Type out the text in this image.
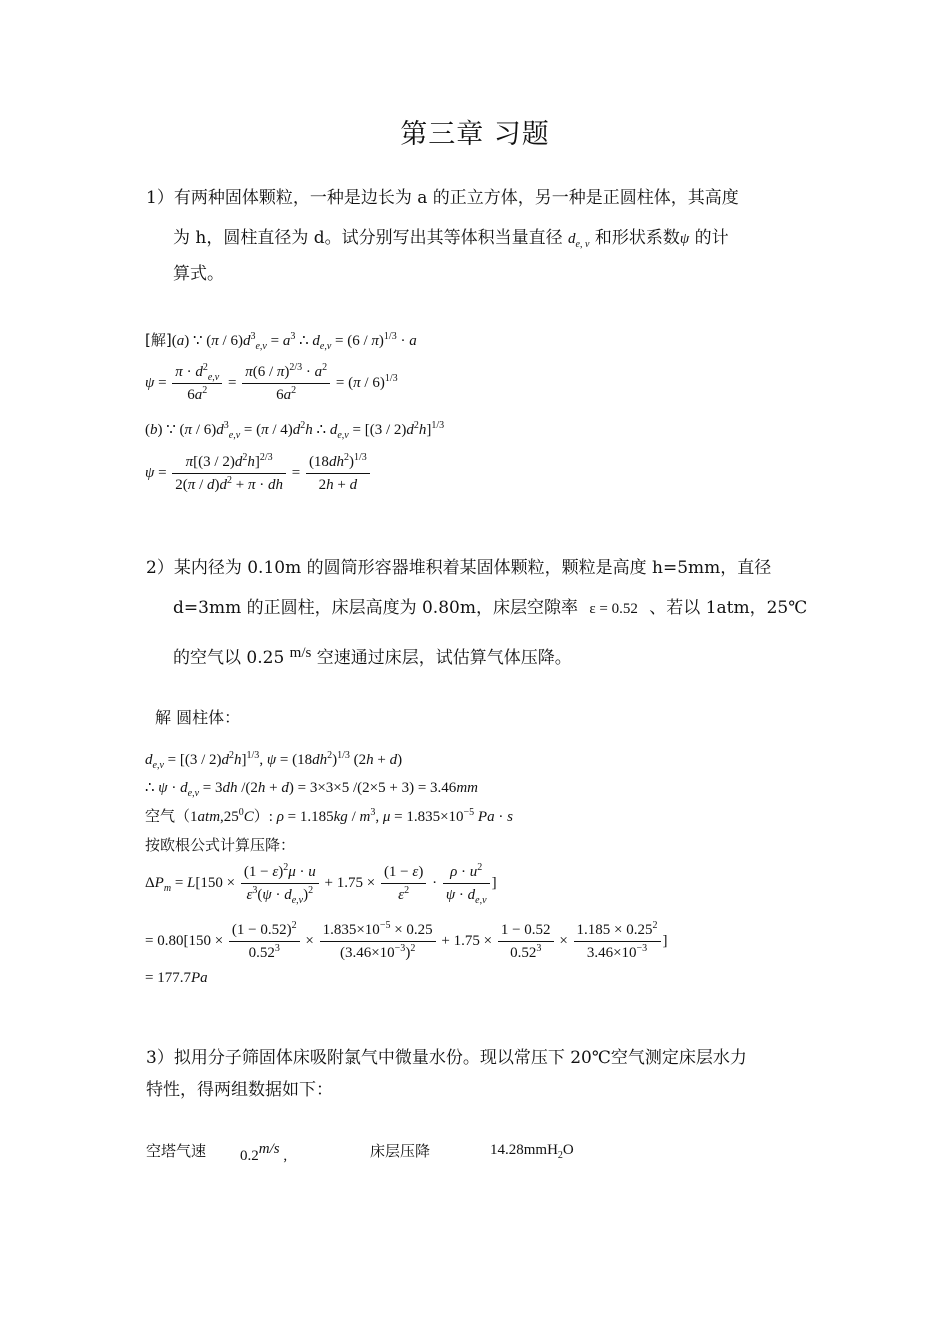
第三章 习题
1）有两种固体颗粒，一种是边长为 a 的正立方体，另一种是正圆柱体，其高度
为 h，圆柱直径为 d。试分别写出其等体积当量直径 $d_{e, v}$ 和形状系数ψ 的计
算式。
[解](a) ∵ $(\pi / 6)d^3_{e,v} = a^3$ ∴ $d_{e,v} = (6 / \pi)^{1/3} \cdot a$
$\psi = \frac{\pi \cdot d^2_{e,v}}{6a^2} = \frac{\pi(6 / \pi)^{2/3} \cdot a^2}{6a^2} = (\pi / 6)^{1/3}$
(b) ∵ $(\pi / 6)d^3_{e,v} = (\pi / 4)d^2h$ ∴ $d_{e,v} = [(3 / 2)d^2h]^{1/3}$
$\psi = \frac{\pi[(3 / 2)d^2h]^{2/3}}{2(\pi / d)d^2 + \pi \cdot dh} = \frac{(18dh^2)^{1/3}}{2h + d}$
2）某内径为 0.10m 的圆筒形容器堆积着某固体颗粒，颗粒是高度 h=5mm，直径
d=3mm 的正圆柱，床层高度为 0.80m，床层空隙率 ε = 0.52 、若以 1atm，25℃
的空气以 0.25 m/s 空速通过床层，试估算气体压降。
解 圆柱体：
$d_{e,v} = [(3 / 2)d^2h]^{1/3}$, $\psi = (18dh^2)^{1/3}$ (2h + d)
∴ $\psi \cdot d_{e,v} = 3dh$ /(2h + d) = 3×3×5 /(2×5 + 3) = 3.46mm
空气$(1atm,25^0C)$: $\rho = 1.185kg / m^3$, $\mu = 1.835\times 10^{-5}$ Pa · s
按欧根公式计算压降：
$\Delta P_m = L[150 \times \frac{(1 - \varepsilon)^2\mu \cdot u}{\varepsilon^3(\psi \cdot d_{e,v})^2} + 1.75 \times \frac{(1 - \varepsilon)}{\varepsilon^2} \cdot \frac{\rho \cdot u^2}{\psi \cdot d_{e,v}}$ ]
= $0.80[150 \times \frac{(1 - 0.52)^2}{0.52^3} \times \frac{1.835\times 10^{-5} \times 0.25}{(3.46\times 10^{-3})^2} + 1.75 \times \frac{1 - 0.52}{0.52^3} \times \frac{1.185 \times 0.25^2}{3.46\times 10^{-3}}$ ]
= 177.7Pa
3）拟用分子筛固体床吸附氯气中微量水份。现以常压下 20℃空气测定床层水力
特性，得两组数据如下：
空塔气速 0.2m/s ,	床层压降	14.28mmH$_2$O
